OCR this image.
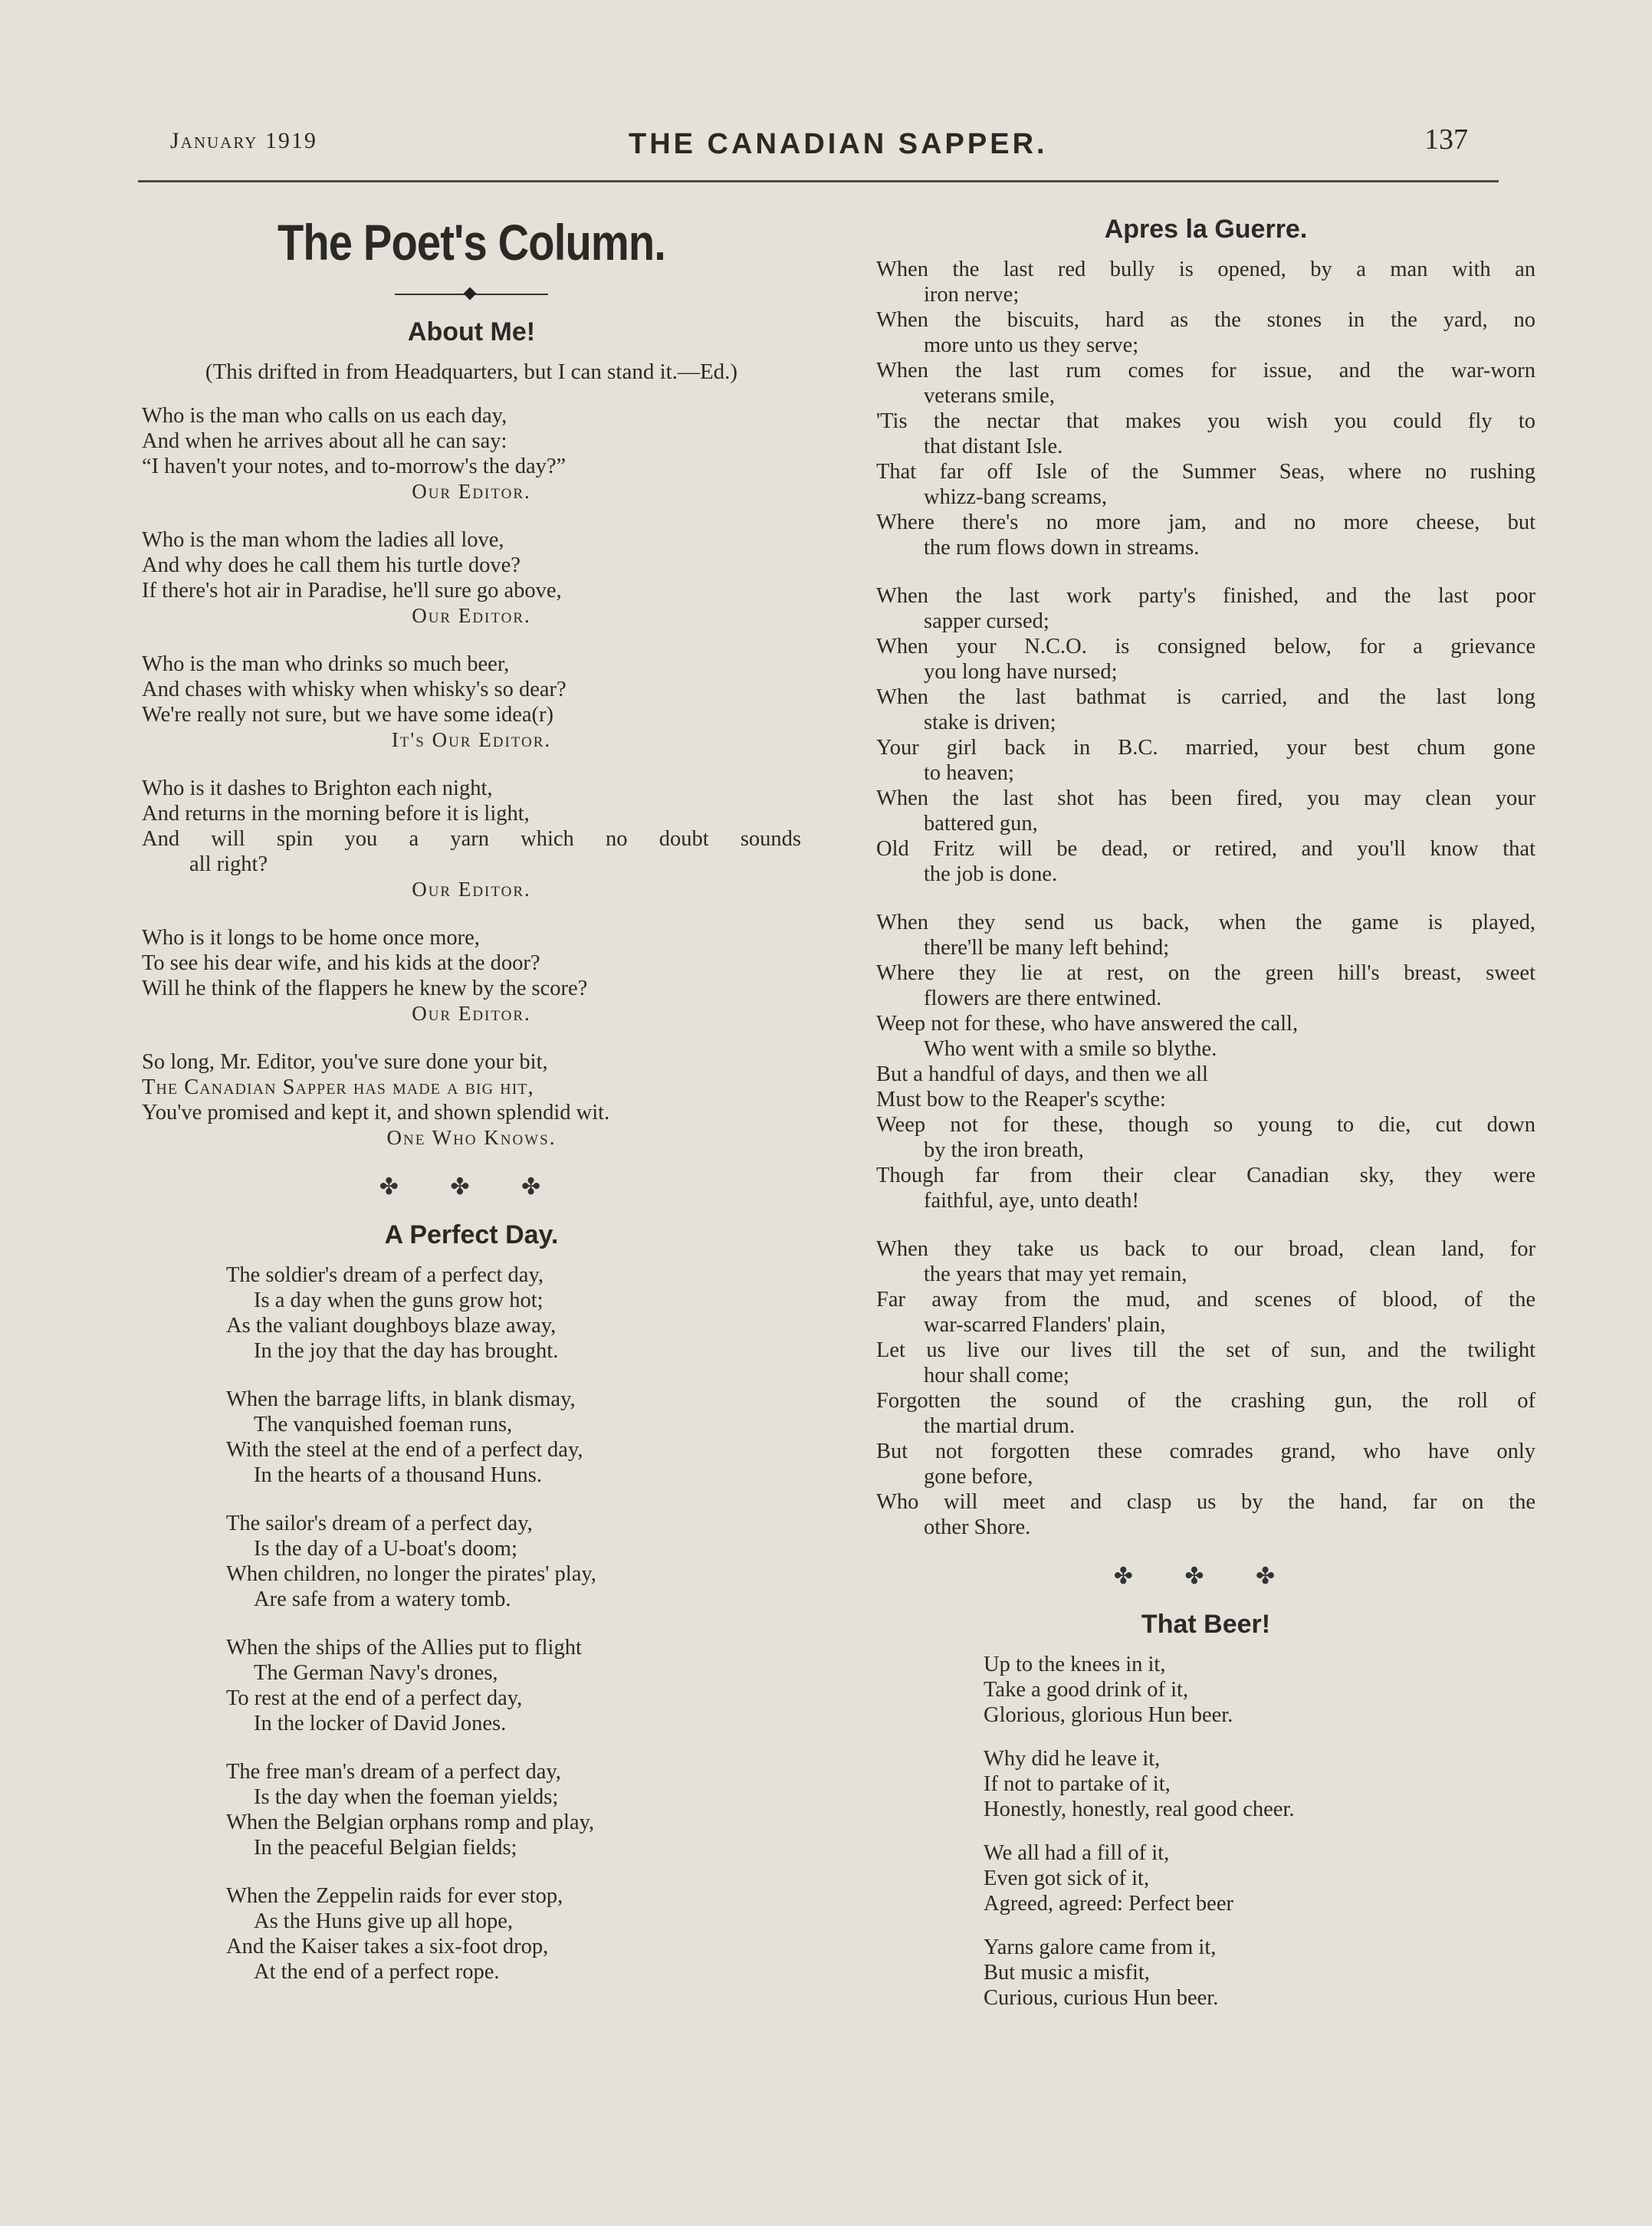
January 1919	THE CANADIAN SAPPER.	137
The Poet's Column.
About Me!
(This drifted in from Headquarters, but I can stand it.—Ed.)
Who is the man who calls on us each day,
And when he arrives about all he can say:
“I haven't your notes, and to-morrow's the day?”
Our Editor.
Who is the man whom the ladies all love,
And why does he call them his turtle dove?
If there's hot air in Paradise, he'll sure go above,
Our Editor.
Who is the man who drinks so much beer,
And chases with whisky when whisky's so dear?
We're really not sure, but we have some idea(r)
It's Our Editor.
Who is it dashes to Brighton each night,
And returns in the morning before it is light,
And will spin you a yarn which no doubt sounds
all right?
Our Editor.
Who is it longs to be home once more,
To see his dear wife, and his kids at the door?
Will he think of the flappers he knew by the score?
Our Editor.
So long, Mr. Editor, you've sure done your bit,
The Canadian Sapper has made a big hit,
You've promised and kept it, and shown splendid wit.
One Who Knows.
✤ ✤ ✤
A Perfect Day.
The soldier's dream of a perfect day,
Is a day when the guns grow hot;
As the valiant doughboys blaze away,
In the joy that the day has brought.
When the barrage lifts, in blank dismay,
The vanquished foeman runs,
With the steel at the end of a perfect day,
In the hearts of a thousand Huns.
The sailor's dream of a perfect day,
Is the day of a U-boat's doom;
When children, no longer the pirates' play,
Are safe from a watery tomb.
When the ships of the Allies put to flight
The German Navy's drones,
To rest at the end of a perfect day,
In the locker of David Jones.
The free man's dream of a perfect day,
Is the day when the foeman yields;
When the Belgian orphans romp and play,
In the peaceful Belgian fields;
When the Zeppelin raids for ever stop,
As the Huns give up all hope,
And the Kaiser takes a six-foot drop,
At the end of a perfect rope.
Apres la Guerre.
When the last red bully is opened, by a man with an
iron nerve;
When the biscuits, hard as the stones in the yard, no
more unto us they serve;
When the last rum comes for issue, and the war-worn
veterans smile,
'Tis the nectar that makes you wish you could fly to
that distant Isle.
That far off Isle of the Summer Seas, where no rushing
whizz-bang screams,
Where there's no more jam, and no more cheese, but
the rum flows down in streams.
When the last work party's finished, and the last poor
sapper cursed;
When your N.C.O. is consigned below, for a grievance
you long have nursed;
When the last bathmat is carried, and the last long
stake is driven;
Your girl back in B.C. married, your best chum gone
to heaven;
When the last shot has been fired, you may clean your
battered gun,
Old Fritz will be dead, or retired, and you'll know that
the job is done.
When they send us back, when the game is played,
there'll be many left behind;
Where they lie at rest, on the green hill's breast, sweet
flowers are there entwined.
Weep not for these, who have answered the call,
Who went with a smile so blythe.
But a handful of days, and then we all
Must bow to the Reaper's scythe:
Weep not for these, though so young to die, cut down
by the iron breath,
Though far from their clear Canadian sky, they were
faithful, aye, unto death!
When they take us back to our broad, clean land, for
the years that may yet remain,
Far away from the mud, and scenes of blood, of the
war-scarred Flanders' plain,
Let us live our lives till the set of sun, and the twilight
hour shall come;
Forgotten the sound of the crashing gun, the roll of
the martial drum.
But not forgotten these comrades grand, who have only
gone before,
Who will meet and clasp us by the hand, far on the
other Shore.
✤ ✤ ✤
That Beer!
Up to the knees in it,
Take a good drink of it,
Glorious, glorious Hun beer.
Why did he leave it,
If not to partake of it,
Honestly, honestly, real good cheer.
We all had a fill of it,
Even got sick of it,
Agreed, agreed: Perfect beer
Yarns galore came from it,
But music a misfit,
Curious, curious Hun beer.
